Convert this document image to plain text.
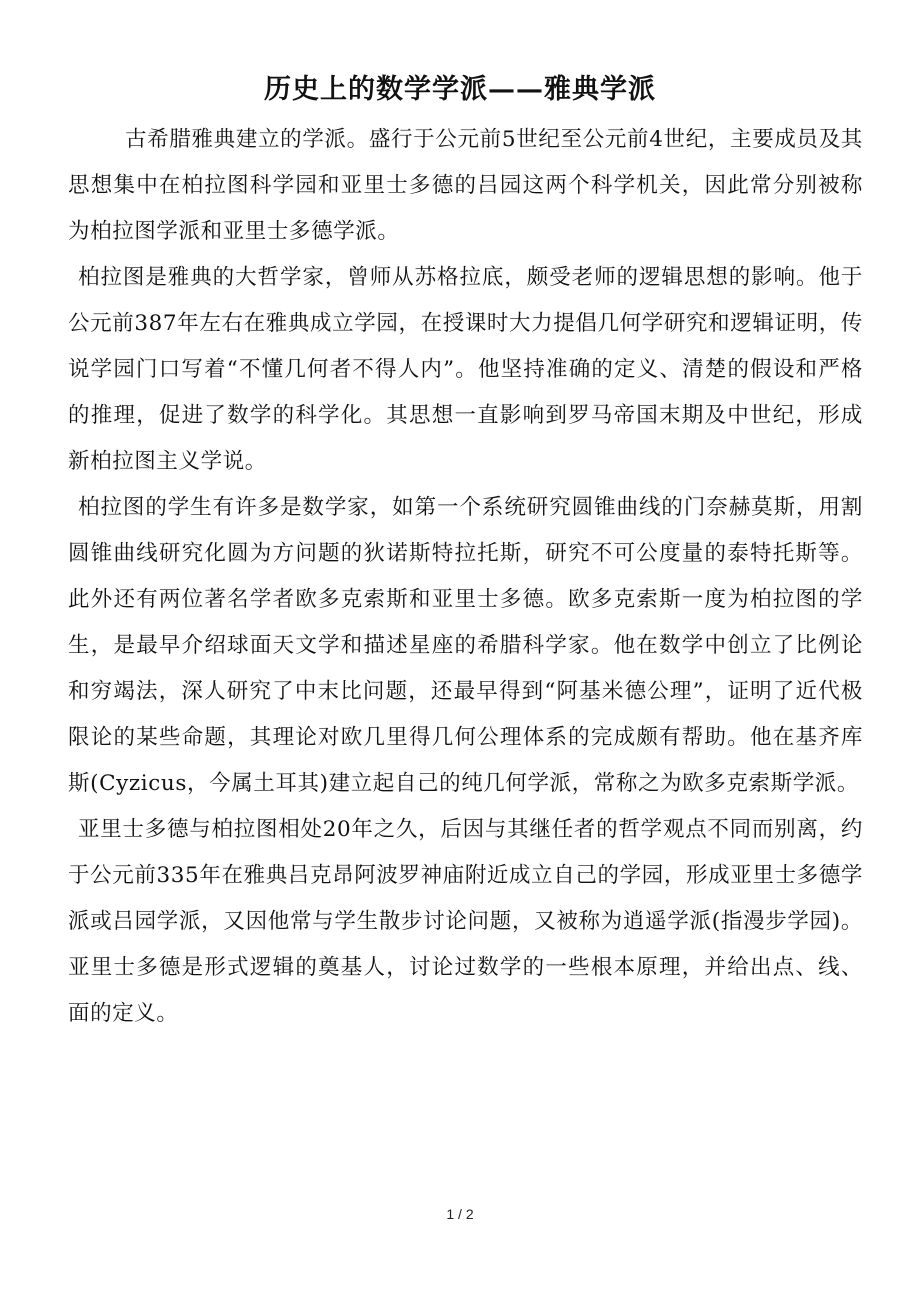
历史上的数学学派——雅典学派

古希腊雅典建立的学派。盛行于公元前5世纪至公元前4世纪，主要成员及其思想集中在柏拉图科学园和亚里士多德的吕园这两个科学机关，因此常分别被称为柏拉图学派和亚里士多德学派。

柏拉图是雅典的大哲学家，曾师从苏格拉底，颇受老师的逻辑思想的影响。他于公元前387年左右在雅典成立学园，在授课时大力提倡几何学研究和逻辑证明，传说学园门口写着“不懂几何者不得人内”。他坚持准确的定义、清楚的假设和严格的推理，促进了数学的科学化。其思想一直影响到罗马帝国末期及中世纪，形成新柏拉图主义学说。

柏拉图的学生有许多是数学家，如第一个系统研究圆锥曲线的门奈赫莫斯，用割圆锥曲线研究化圆为方问题的狄诺斯特拉托斯，研究不可公度量的泰特托斯等。此外还有两位著名学者欧多克索斯和亚里士多德。欧多克索斯一度为柏拉图的学生，是最早介绍球面天文学和描述星座的希腊科学家。他在数学中创立了比例论和穷竭法，深人研究了中末比问题，还最早得到“阿基米德公理”，证明了近代极限论的某些命题，其理论对欧几里得几何公理体系的完成颇有帮助。他在基齐库斯(Cyzicus，今属土耳其)建立起自己的纯几何学派，常称之为欧多克索斯学派。

亚里士多德与柏拉图相处20年之久，后因与其继任者的哲学观点不同而别离，约于公元前335年在雅典吕克昂阿波罗神庙附近成立自己的学园，形成亚里士多德学派或吕园学派，又因他常与学生散步讨论问题，又被称为逍遥学派(指漫步学园)。亚里士多德是形式逻辑的奠基人，讨论过数学的一些根本原理，并给出点、线、面的定义。

1 / 2
